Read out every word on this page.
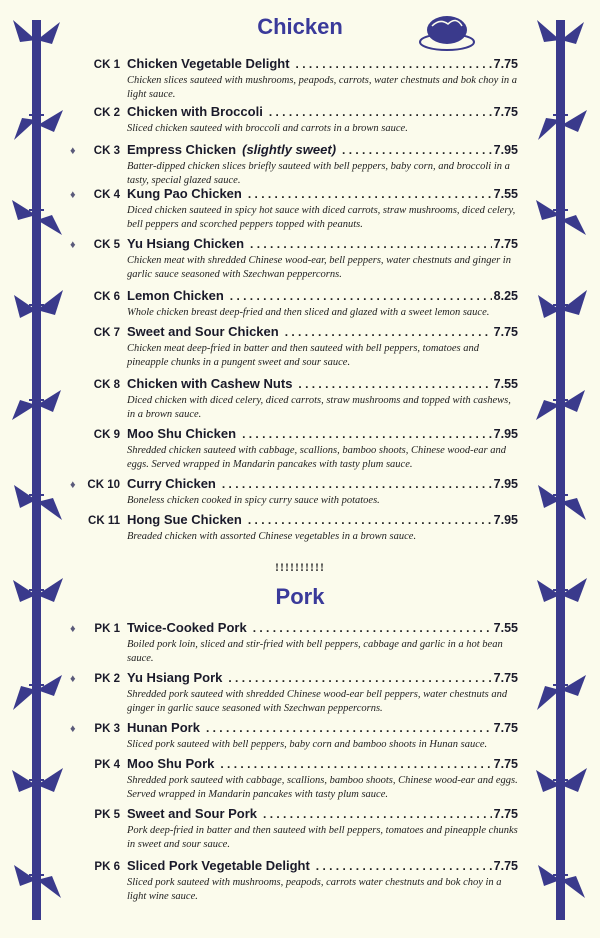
Chicken
CK 1 Chicken Vegetable Delight . . .	7.75
Chicken slices sauteed with mushrooms, peapods, carrots, water chestnuts and bok choy in a light sauce.
CK 2 Chicken with Broccoli . . .	7.75
Sliced chicken sauteed with broccoli and carrots in a brown sauce.
♦	CK 3 Empress Chicken (slightly sweet) . . .	7.95
Batter-dipped chicken slices briefly sauteed with bell peppers, baby corn, and broccoli in a tasty, special glazed sauce.
♦	CK 4 Kung Pao Chicken . . .	7.55
Diced chicken sauteed in spicy hot sauce with diced carrots, straw mushrooms, diced celery, bell peppers and scorched peppers topped with peanuts.
♦	CK 5 Yu Hsiang Chicken . . .	7.75
Chicken meat with shredded Chinese wood-ear, bell peppers, water chestnuts and ginger in garlic sauce seasoned with Szechwan peppercorns.
CK 6 Lemon Chicken . . .	8.25
Whole chicken breast deep-fried and then sliced and glazed with a sweet lemon sauce.
CK 7 Sweet and Sour Chicken . . .	7.75
Chicken meat deep-fried in batter and then sauteed with bell peppers, tomatoes and pineapple chunks in a pungent sweet and sour sauce.
CK 8 Chicken with Cashew Nuts . . .	7.55
Diced chicken with diced celery, diced carrots, straw mushrooms and topped with cashews, in a brown sauce.
CK 9 Moo Shu Chicken . . .	7.95
Shredded chicken sauteed with cabbage, scallions, bamboo shoots, Chinese wood-ear and eggs. Served wrapped in Mandarin pancakes with tasty plum sauce.
♦	CK 10 Curry Chicken . . .	7.95
Boneless chicken cooked in spicy curry sauce with potatoes.
CK 11 Hong Sue Chicken . . .	7.95
Breaded chicken with assorted Chinese vegetables in a brown sauce.
!!!!!!!!!!
Pork
♦	PK 1 Twice-Cooked Pork . . .	7.55
Boiled pork loin, sliced and stir-fried with bell peppers, cabbage and garlic in a hot bean sauce.
♦	PK 2 Yu Hsiang Pork . . .	7.75
Shredded pork sauteed with shredded Chinese wood-ear bell peppers, water chestnuts and ginger in garlic sauce seasoned with Szechwan peppercorns.
♦	PK 3 Hunan Pork . . .	7.75
Sliced pork sauteed with bell peppers, baby corn and bamboo shoots in Hunan sauce.
PK 4 Moo Shu Pork . . .	7.75
Shredded pork sauteed with cabbage, scallions, bamboo shoots, Chinese wood-ear and eggs. Served wrapped in Mandarin pancakes with tasty plum sauce.
PK 5 Sweet and Sour Pork . . .	7.75
Pork deep-fried in batter and then sauteed with bell peppers, tomatoes and pineapple chunks in sweet and sour sauce.
PK 6 Sliced Pork Vegetable Delight . . .	7.75
Sliced pork sauteed with mushrooms, peapods, carrots water chestnuts and bok choy in a light wine sauce.
